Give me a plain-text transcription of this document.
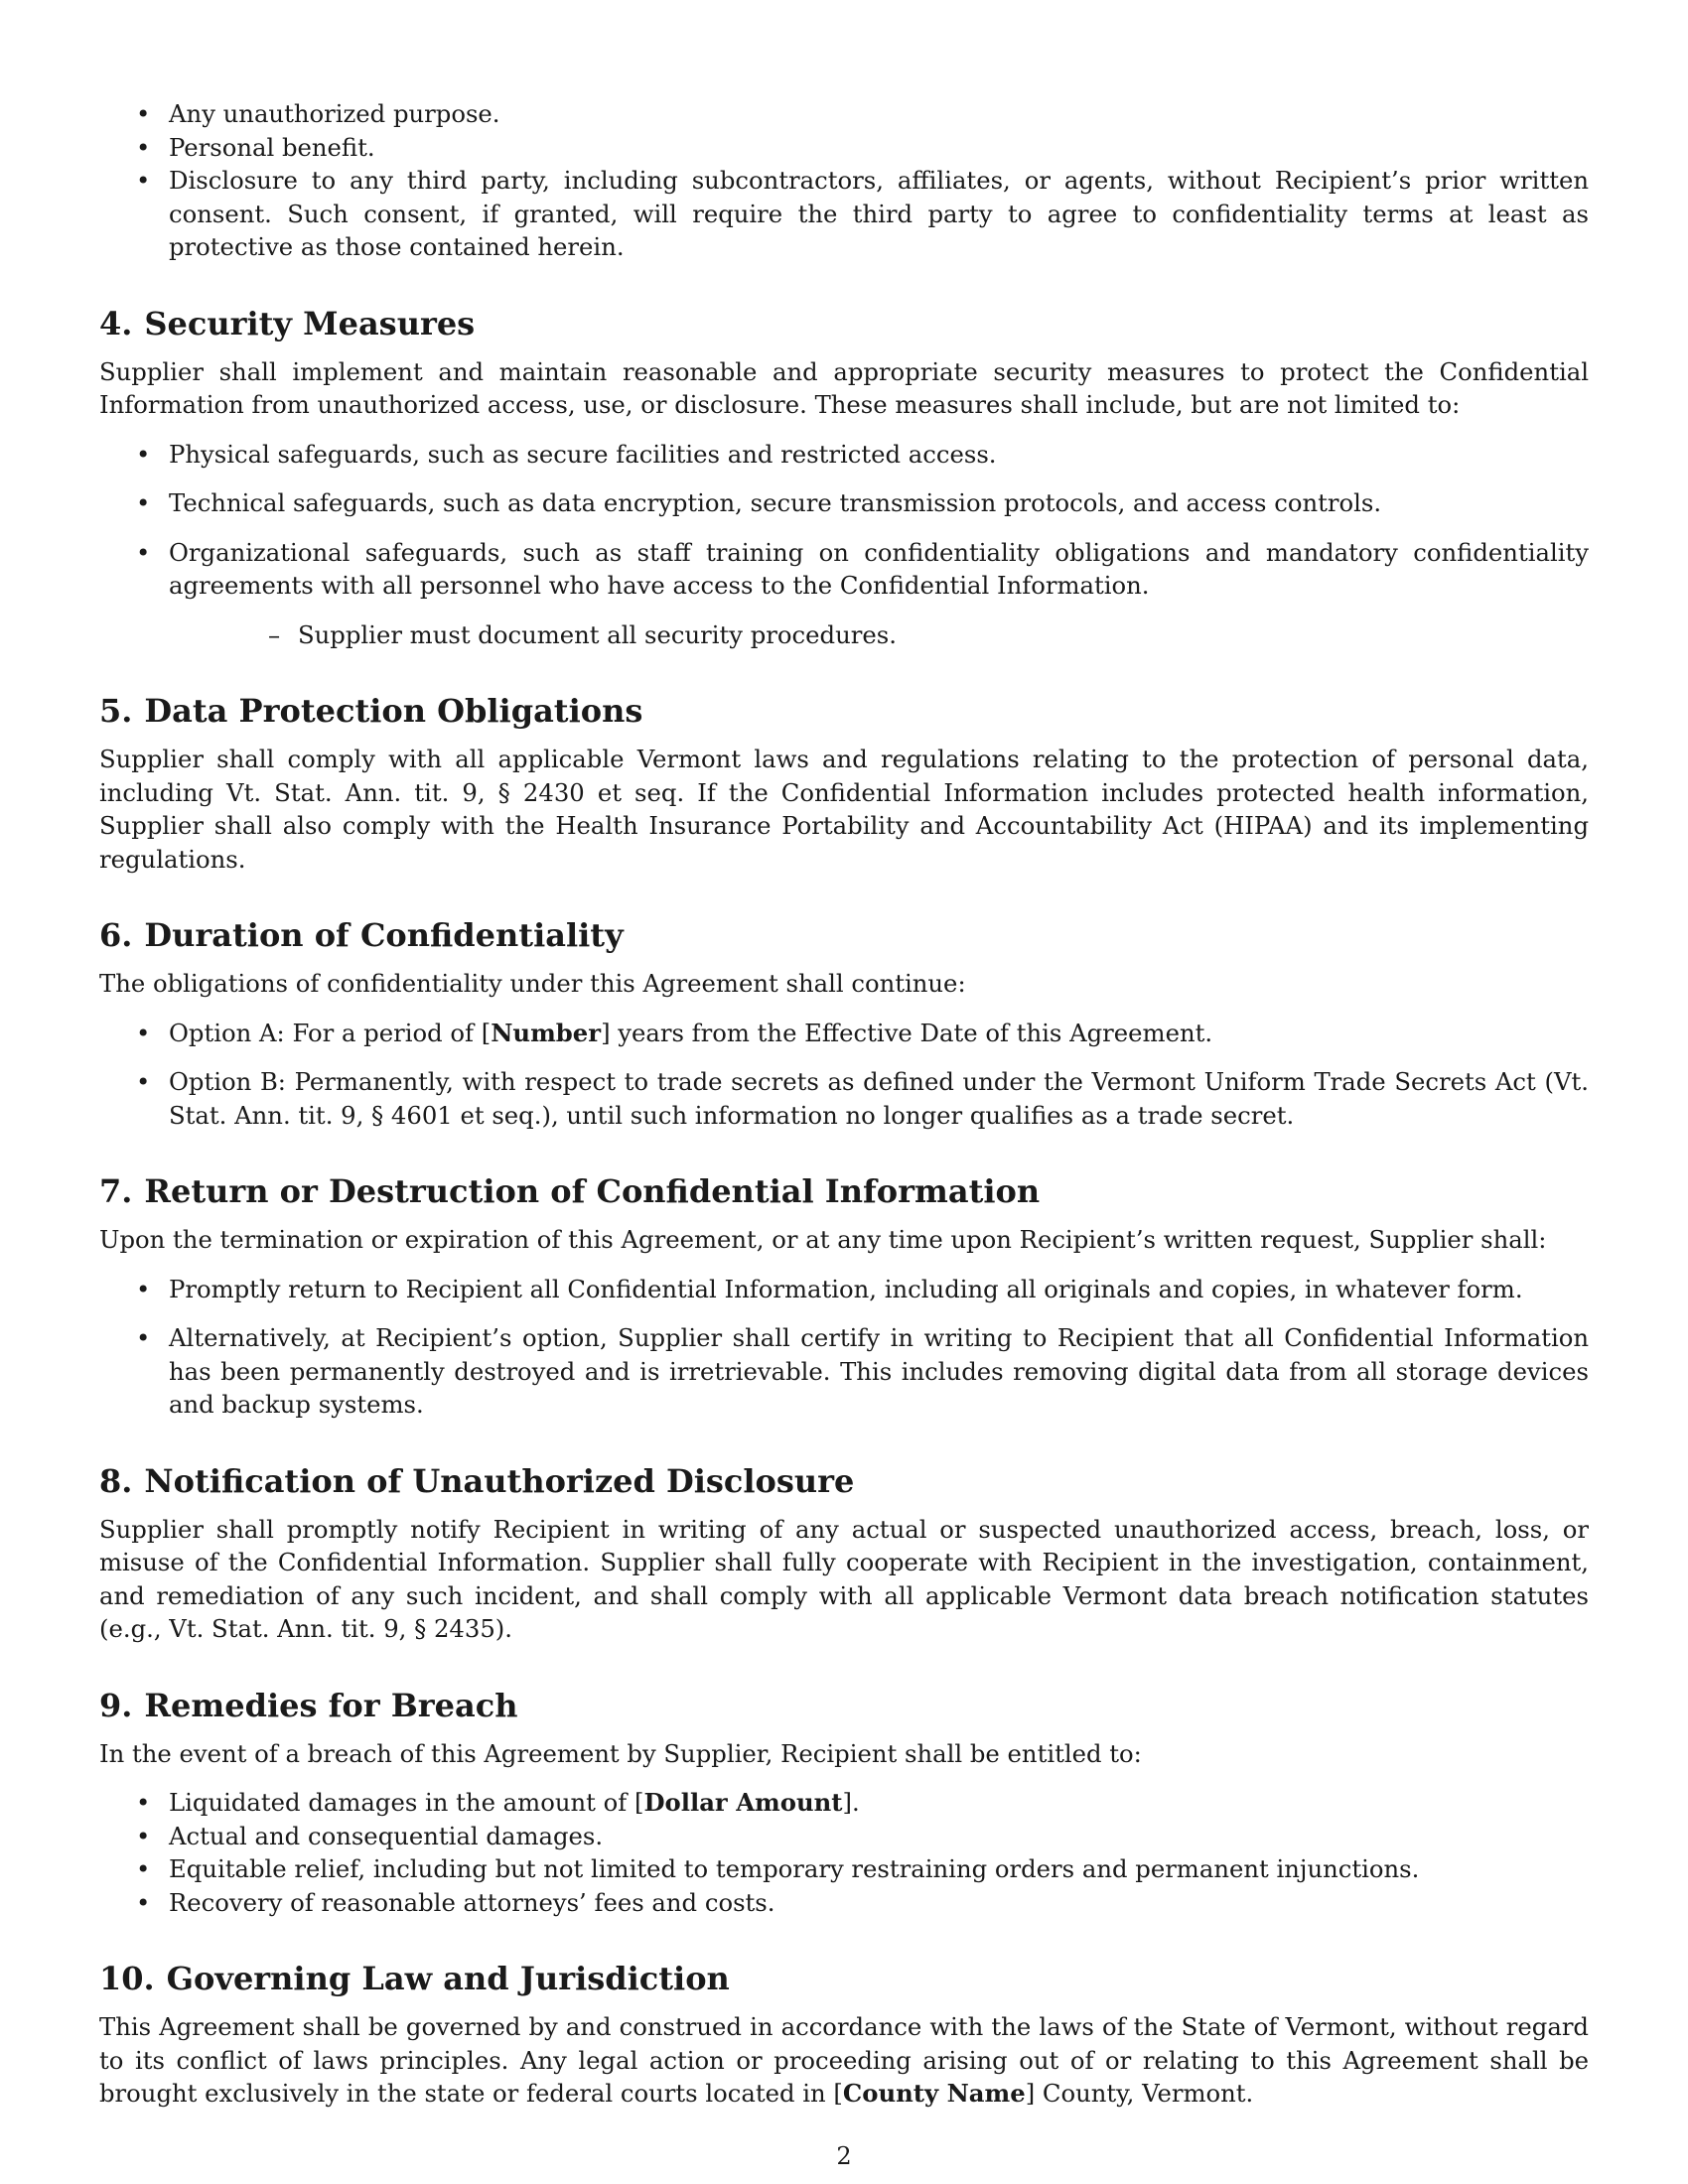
• Any unauthorized purpose.
• Personal benefit.
• Disclosure to any third party, including subcontractors, affiliates, or agents, without Recipient’s prior written consent. Such consent, if granted, will require the third party to agree to confidentiality terms at least as protective as those contained herein.
4. Security Measures

Supplier shall implement and maintain reasonable and appropriate security measures to protect the Confidential Information from unauthorized access, use, or disclosure. These measures shall include, but are not limited to:

• Physical safeguards, such as secure facilities and restricted access.
• Technical safeguards, such as data encryption, secure transmission protocols, and access controls.
• Organizational safeguards, such as staff training on confidentiality obligations and mandatory confidentiality agreements with all personnel who have access to the Confidential Information.
– Supplier must document all security procedures.
5. Data Protection Obligations

Supplier shall comply with all applicable Vermont laws and regulations relating to the protection of personal data, including Vt. Stat. Ann. tit. 9, § 2430 et seq. If the Confidential Information includes protected health information, Supplier shall also comply with the Health Insurance Portability and Accountability Act (HIPAA) and its implementing regulations.

6. Duration of Confidentiality

The obligations of confidentiality under this Agreement shall continue:

• Option A: For a period of [Number] years from the Effective Date of this Agreement.
• Option B: Permanently, with respect to trade secrets as defined under the Vermont Uniform Trade Secrets Act (Vt. Stat. Ann. tit. 9, § 4601 et seq.), until such information no longer qualifies as a trade secret.
7. Return or Destruction of Confidential Information

Upon the termination or expiration of this Agreement, or at any time upon Recipient’s written request, Supplier shall:

• Promptly return to Recipient all Confidential Information, including all originals and copies, in whatever form.
• Alternatively, at Recipient’s option, Supplier shall certify in writing to Recipient that all Confidential Information has been permanently destroyed and is irretrievable. This includes removing digital data from all storage devices and backup systems.
8. Notification of Unauthorized Disclosure

Supplier shall promptly notify Recipient in writing of any actual or suspected unauthorized access, breach, loss, or misuse of the Confidential Information. Supplier shall fully cooperate with Recipient in the investigation, containment, and remediation of any such incident, and shall comply with all applicable Vermont data breach notification statutes (e.g., Vt. Stat. Ann. tit. 9, § 2435).

9. Remedies for Breach

In the event of a breach of this Agreement by Supplier, Recipient shall be entitled to:

• Liquidated damages in the amount of [Dollar Amount].
• Actual and consequential damages.
• Equitable relief, including but not limited to temporary restraining orders and permanent injunctions.
• Recovery of reasonable attorneys’ fees and costs.
10. Governing Law and Jurisdiction

This Agreement shall be governed by and construed in accordance with the laws of the State of Vermont, without regard to its conflict of laws principles. Any legal action or proceeding arising out of or relating to this Agreement shall be brought exclusively in the state or federal courts located in [County Name] County, Vermont.

2
